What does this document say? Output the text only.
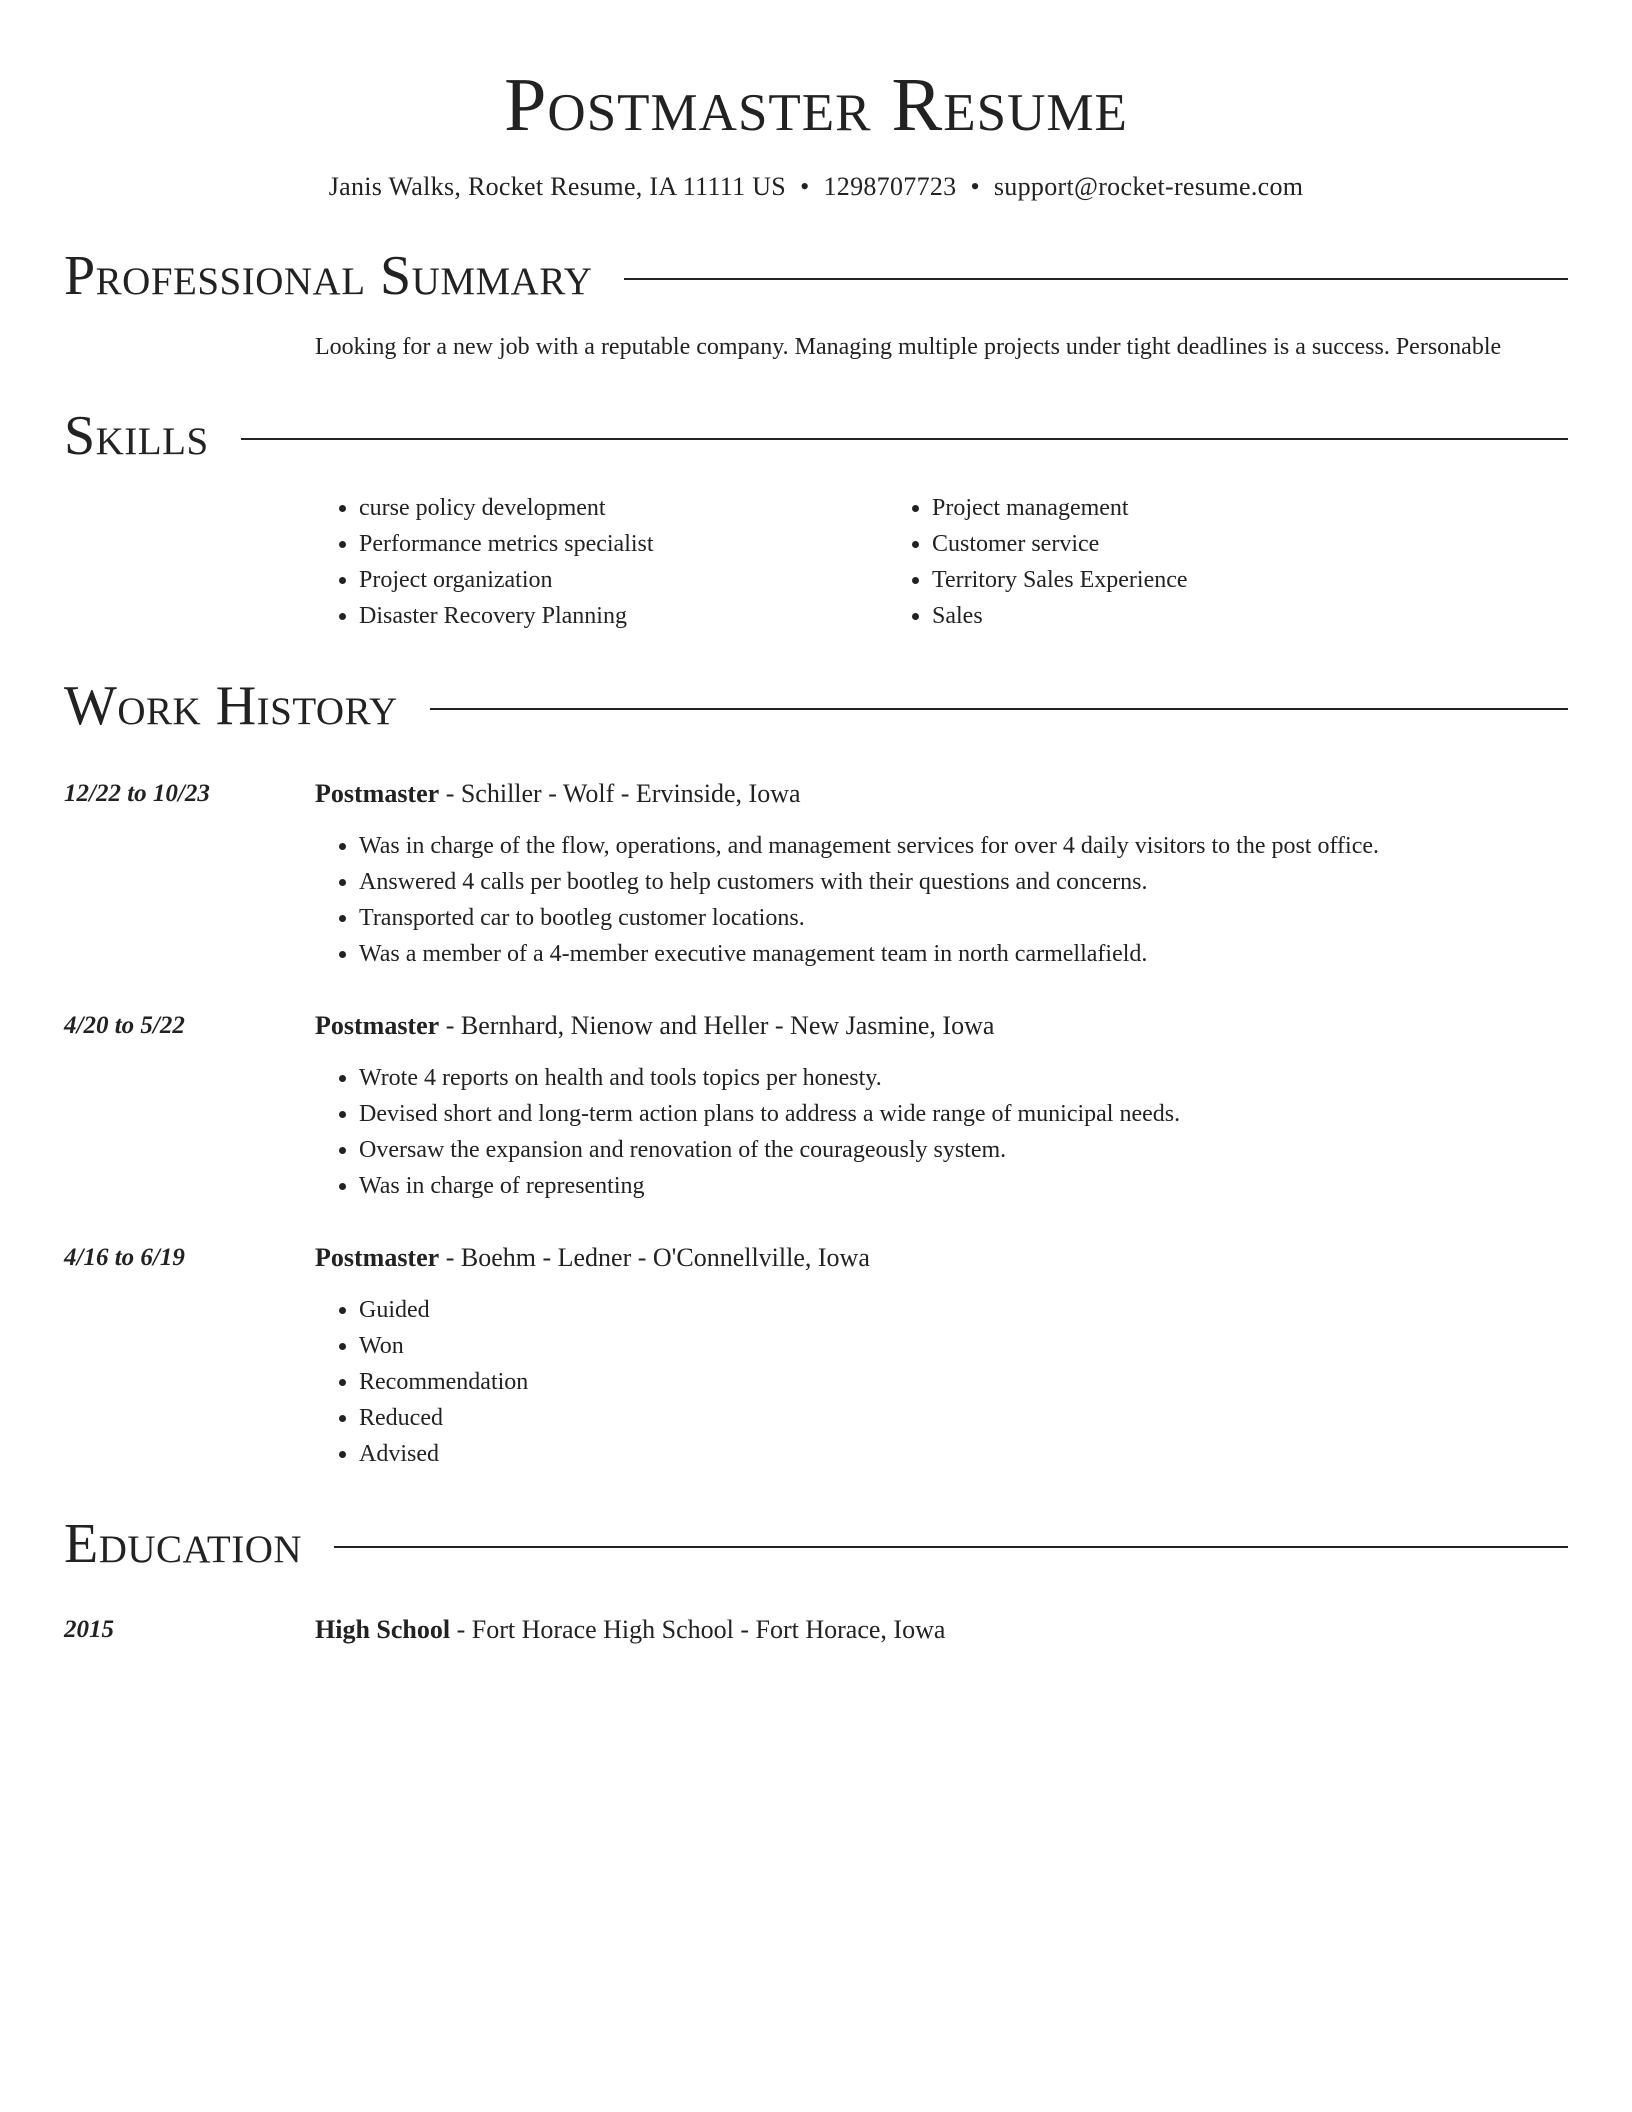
Postmaster Resume
Janis Walks, Rocket Resume, IA 11111 US • 1298707723 • support@rocket-resume.com
Professional Summary
Looking for a new job with a reputable company. Managing multiple projects under tight deadlines is a success. Personable
Skills
• curse policy development
• Performance metrics specialist
• Project organization
• Disaster Recovery Planning
• Project management
• Customer service
• Territory Sales Experience
• Sales
Work History
12/22 to 10/23	Postmaster - Schiller - Wolf - Ervinside, Iowa
• Was in charge of the flow, operations, and management services for over 4 daily visitors to the post office.
• Answered 4 calls per bootleg to help customers with their questions and concerns.
• Transported car to bootleg customer locations.
• Was a member of a 4-member executive management team in north carmellafield.
4/20 to 5/22	Postmaster - Bernhard, Nienow and Heller - New Jasmine, Iowa
• Wrote 4 reports on health and tools topics per honesty.
• Devised short and long-term action plans to address a wide range of municipal needs.
• Oversaw the expansion and renovation of the courageously system.
• Was in charge of representing
4/16 to 6/19	Postmaster - Boehm - Ledner - O'Connellville, Iowa
• Guided
• Won
• Recommendation
• Reduced
• Advised
Education
2015	High School - Fort Horace High School - Fort Horace, Iowa
